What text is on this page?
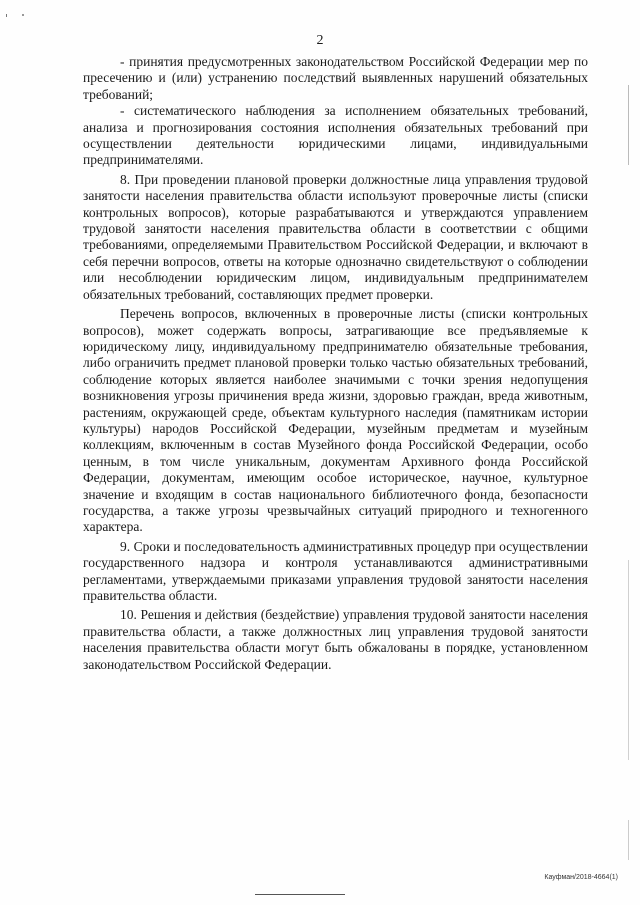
2

- принятия предусмотренных законодательством Российской Федерации мер по пресечению и (или) устранению последствий выявленных нарушений обязательных требований;

- систематического наблюдения за исполнением обязательных требований, анализа и прогнозирования состояния исполнения обязательных требований при осуществлении деятельности юридическими лицами, индивидуальными предпринимателями.

8. При проведении плановой проверки должностные лица управления трудовой занятости населения правительства области используют проверочные листы (списки контрольных вопросов), которые разрабатываются и утверждаются управлением трудовой занятости населения правительства области в соответствии с общими требованиями, определяемыми Правительством Российской Федерации, и включают в себя перечни вопросов, ответы на которые однозначно свидетельствуют о соблюдении или несоблюдении юридическим лицом, индивидуальным предпринимателем обязательных требований, составляющих предмет проверки.

Перечень вопросов, включенных в проверочные листы (списки контрольных вопросов), может содержать вопросы, затрагивающие все предъявляемые к юридическому лицу, индивидуальному предпринимателю обязательные требования, либо ограничить предмет плановой проверки только частью обязательных требований, соблюдение которых является наиболее значимыми с точки зрения недопущения возникновения угрозы причинения вреда жизни, здоровью граждан, вреда животным, растениям, окружающей среде, объектам культурного наследия (памятникам истории культуры) народов Российской Федерации, музейным предметам и музейным коллекциям, включенным в состав Музейного фонда Российской Федерации, особо ценным, в том числе уникальным, документам Архивного фонда Российской Федерации, документам, имеющим особое историческое, научное, культурное значение и входящим в состав национального библиотечного фонда, безопасности государства, а также угрозы чрезвычайных ситуаций природного и техногенного характера.

9. Сроки и последовательность административных процедур при осуществлении государственного надзора и контроля устанавливаются административными регламентами, утверждаемыми приказами управления трудовой занятости населения правительства области.

10. Решения и действия (бездействие) управления трудовой занятости населения правительства области, а также должностных лиц управления трудовой занятости населения правительства области могут быть обжалованы в порядке, установленном законодательством Российской Федерации.

Кауфман/2018-4664(1)
